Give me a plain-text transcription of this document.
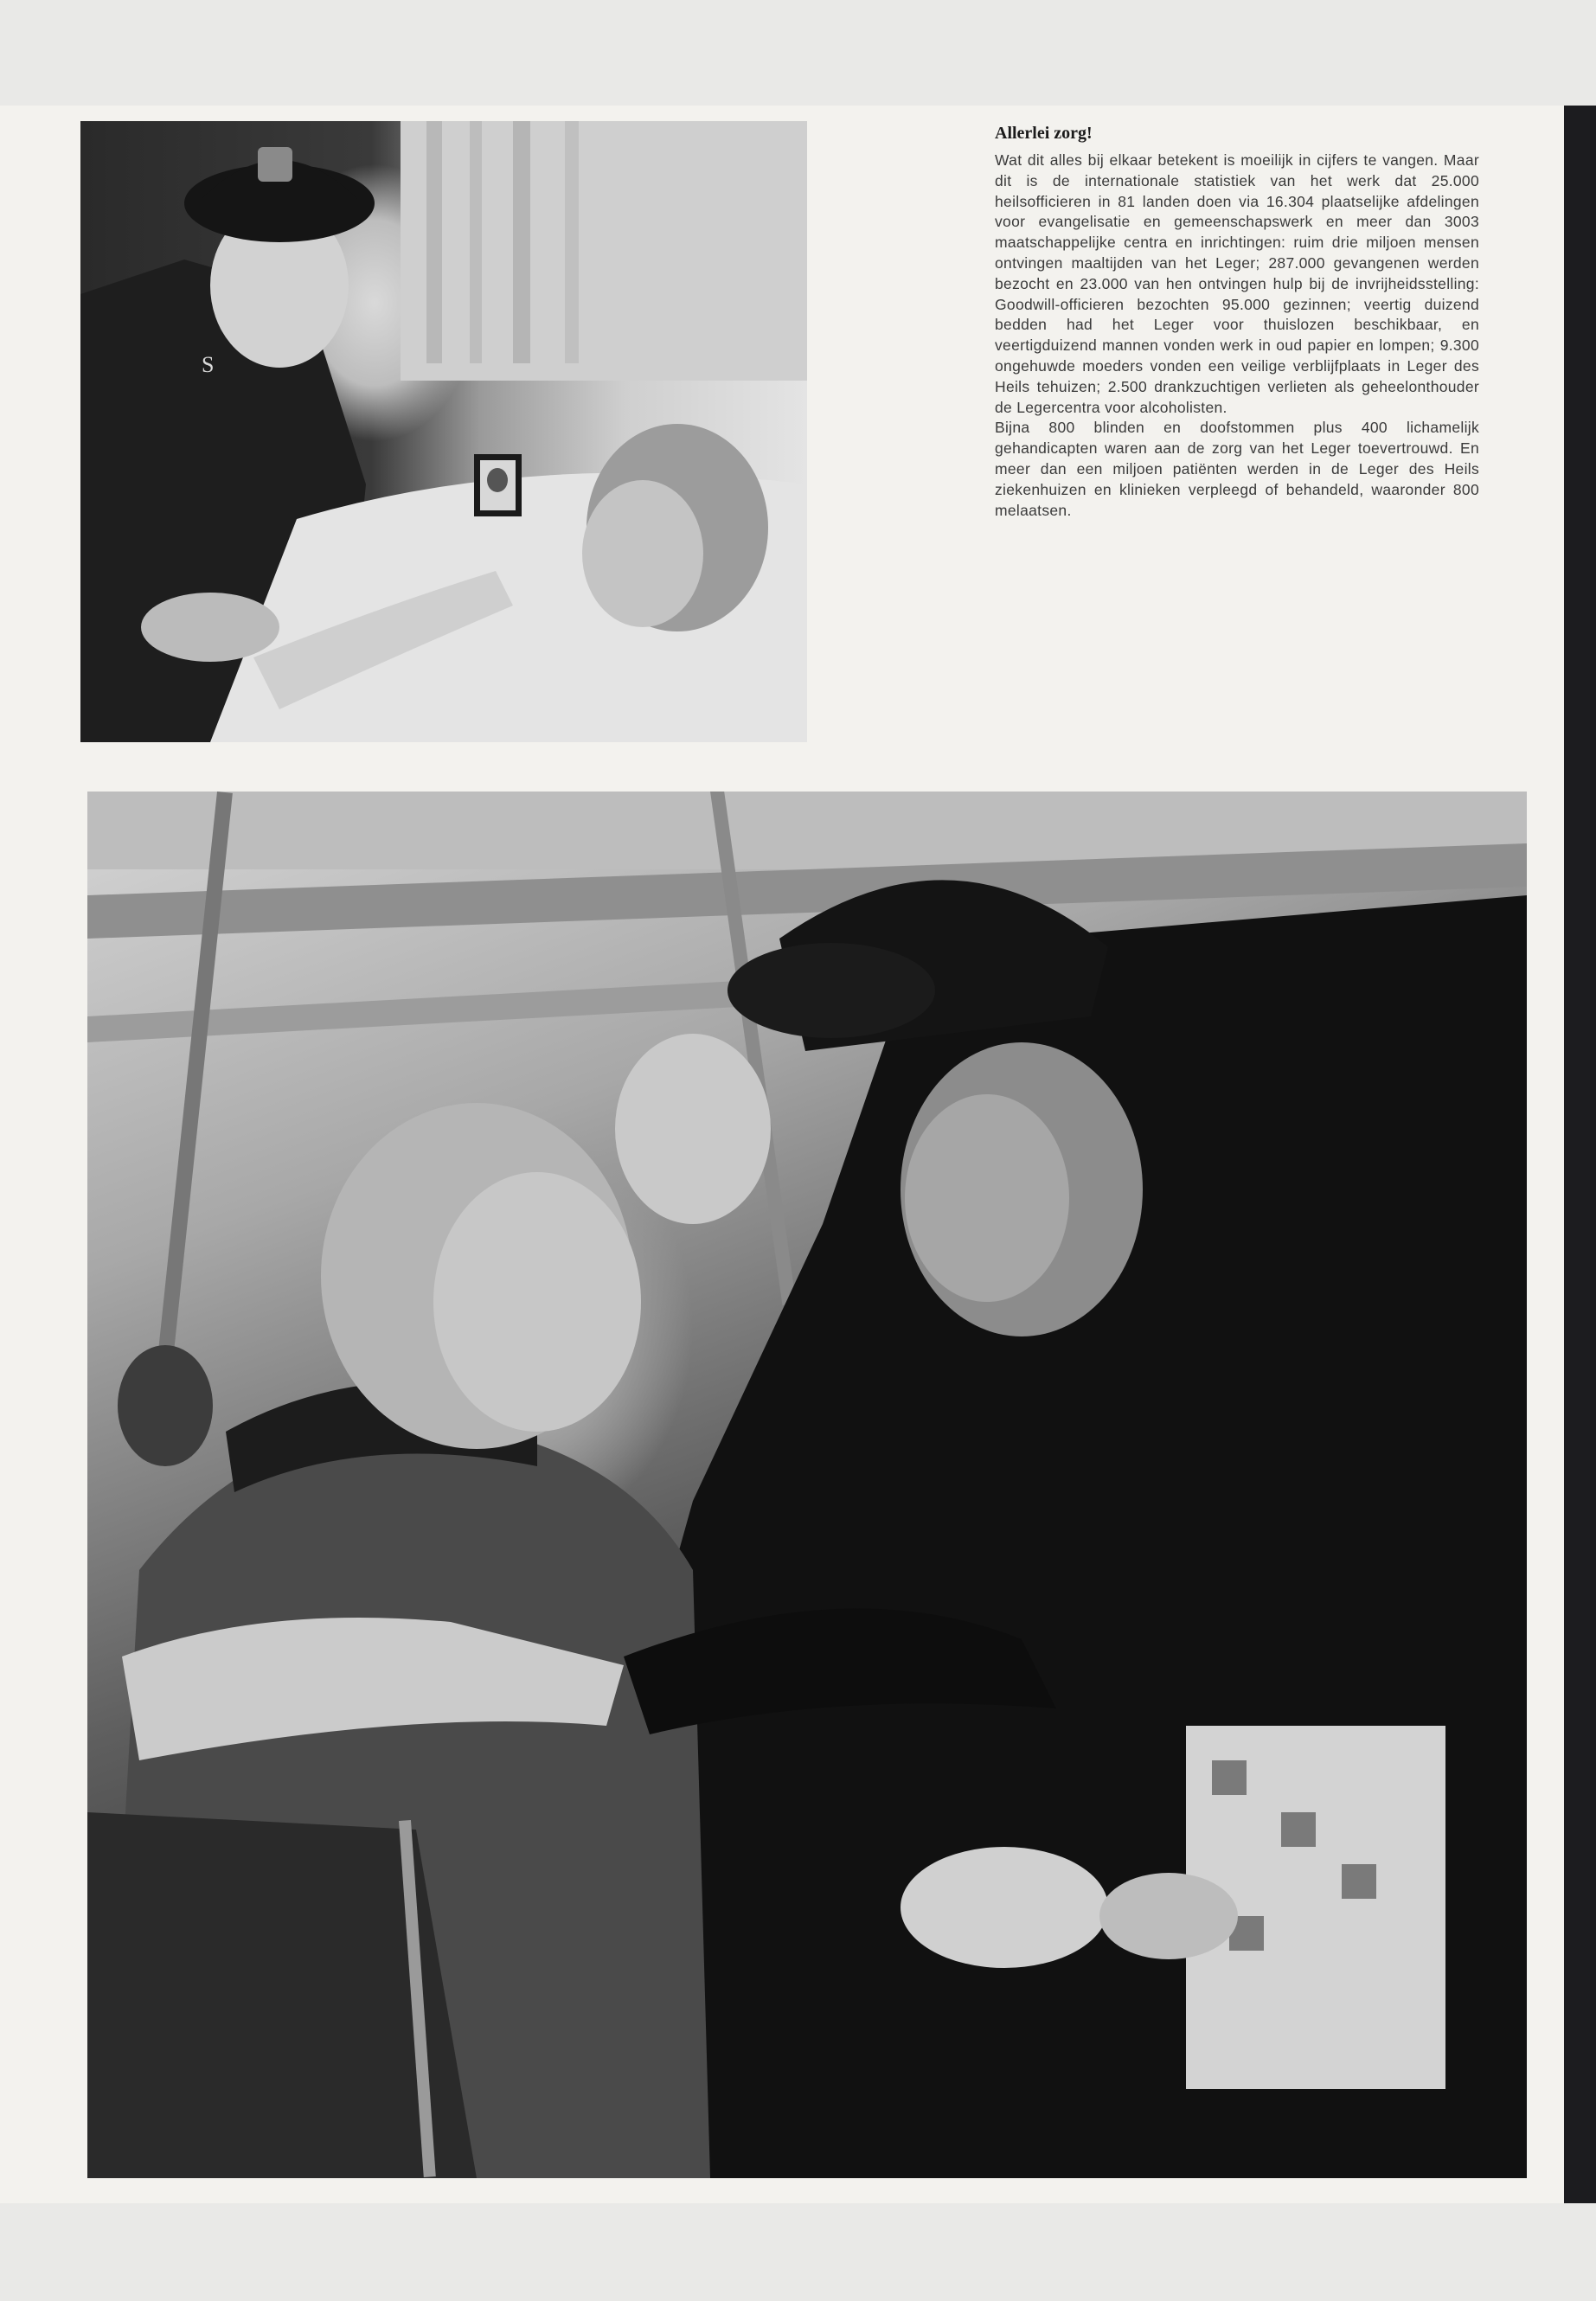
S
Allerlei zorg!

Wat dit alles bij elkaar betekent is moeilijk in cijfers te vangen. Maar dit is de internationale statistiek van het werk dat 25.000 heilsofficieren in 81 landen doen via 16.304 plaatselijke afdelingen voor evangelisatie en gemeenschapswerk en meer dan 3003 maatschappelijke centra en inrichtingen: ruim drie miljoen mensen ontvingen maaltijden van het Leger; 287.000 gevangenen werden bezocht en 23.000 van hen ontvingen hulp bij de invrijheidsstelling: Goodwill-officieren bezochten 95.000 gezinnen; veertig duizend bedden had het Leger voor thuislozen beschikbaar, en veertigduizend mannen vonden werk in oud papier en lompen; 9.300 ongehuwde moeders vonden een veilige verblijfplaats in Leger des Heils tehuizen; 2.500 drankzuchtigen verlieten als geheelonthouder de Legercentra voor alcoholisten.

Bijna 800 blinden en doofstommen plus 400 lichamelijk gehandicapten waren aan de zorg van het Leger toevertrouwd. En meer dan een miljoen patiënten werden in de Leger des Heils ziekenhuizen en klinieken verpleegd of behandeld, waaronder 800 melaatsen.
